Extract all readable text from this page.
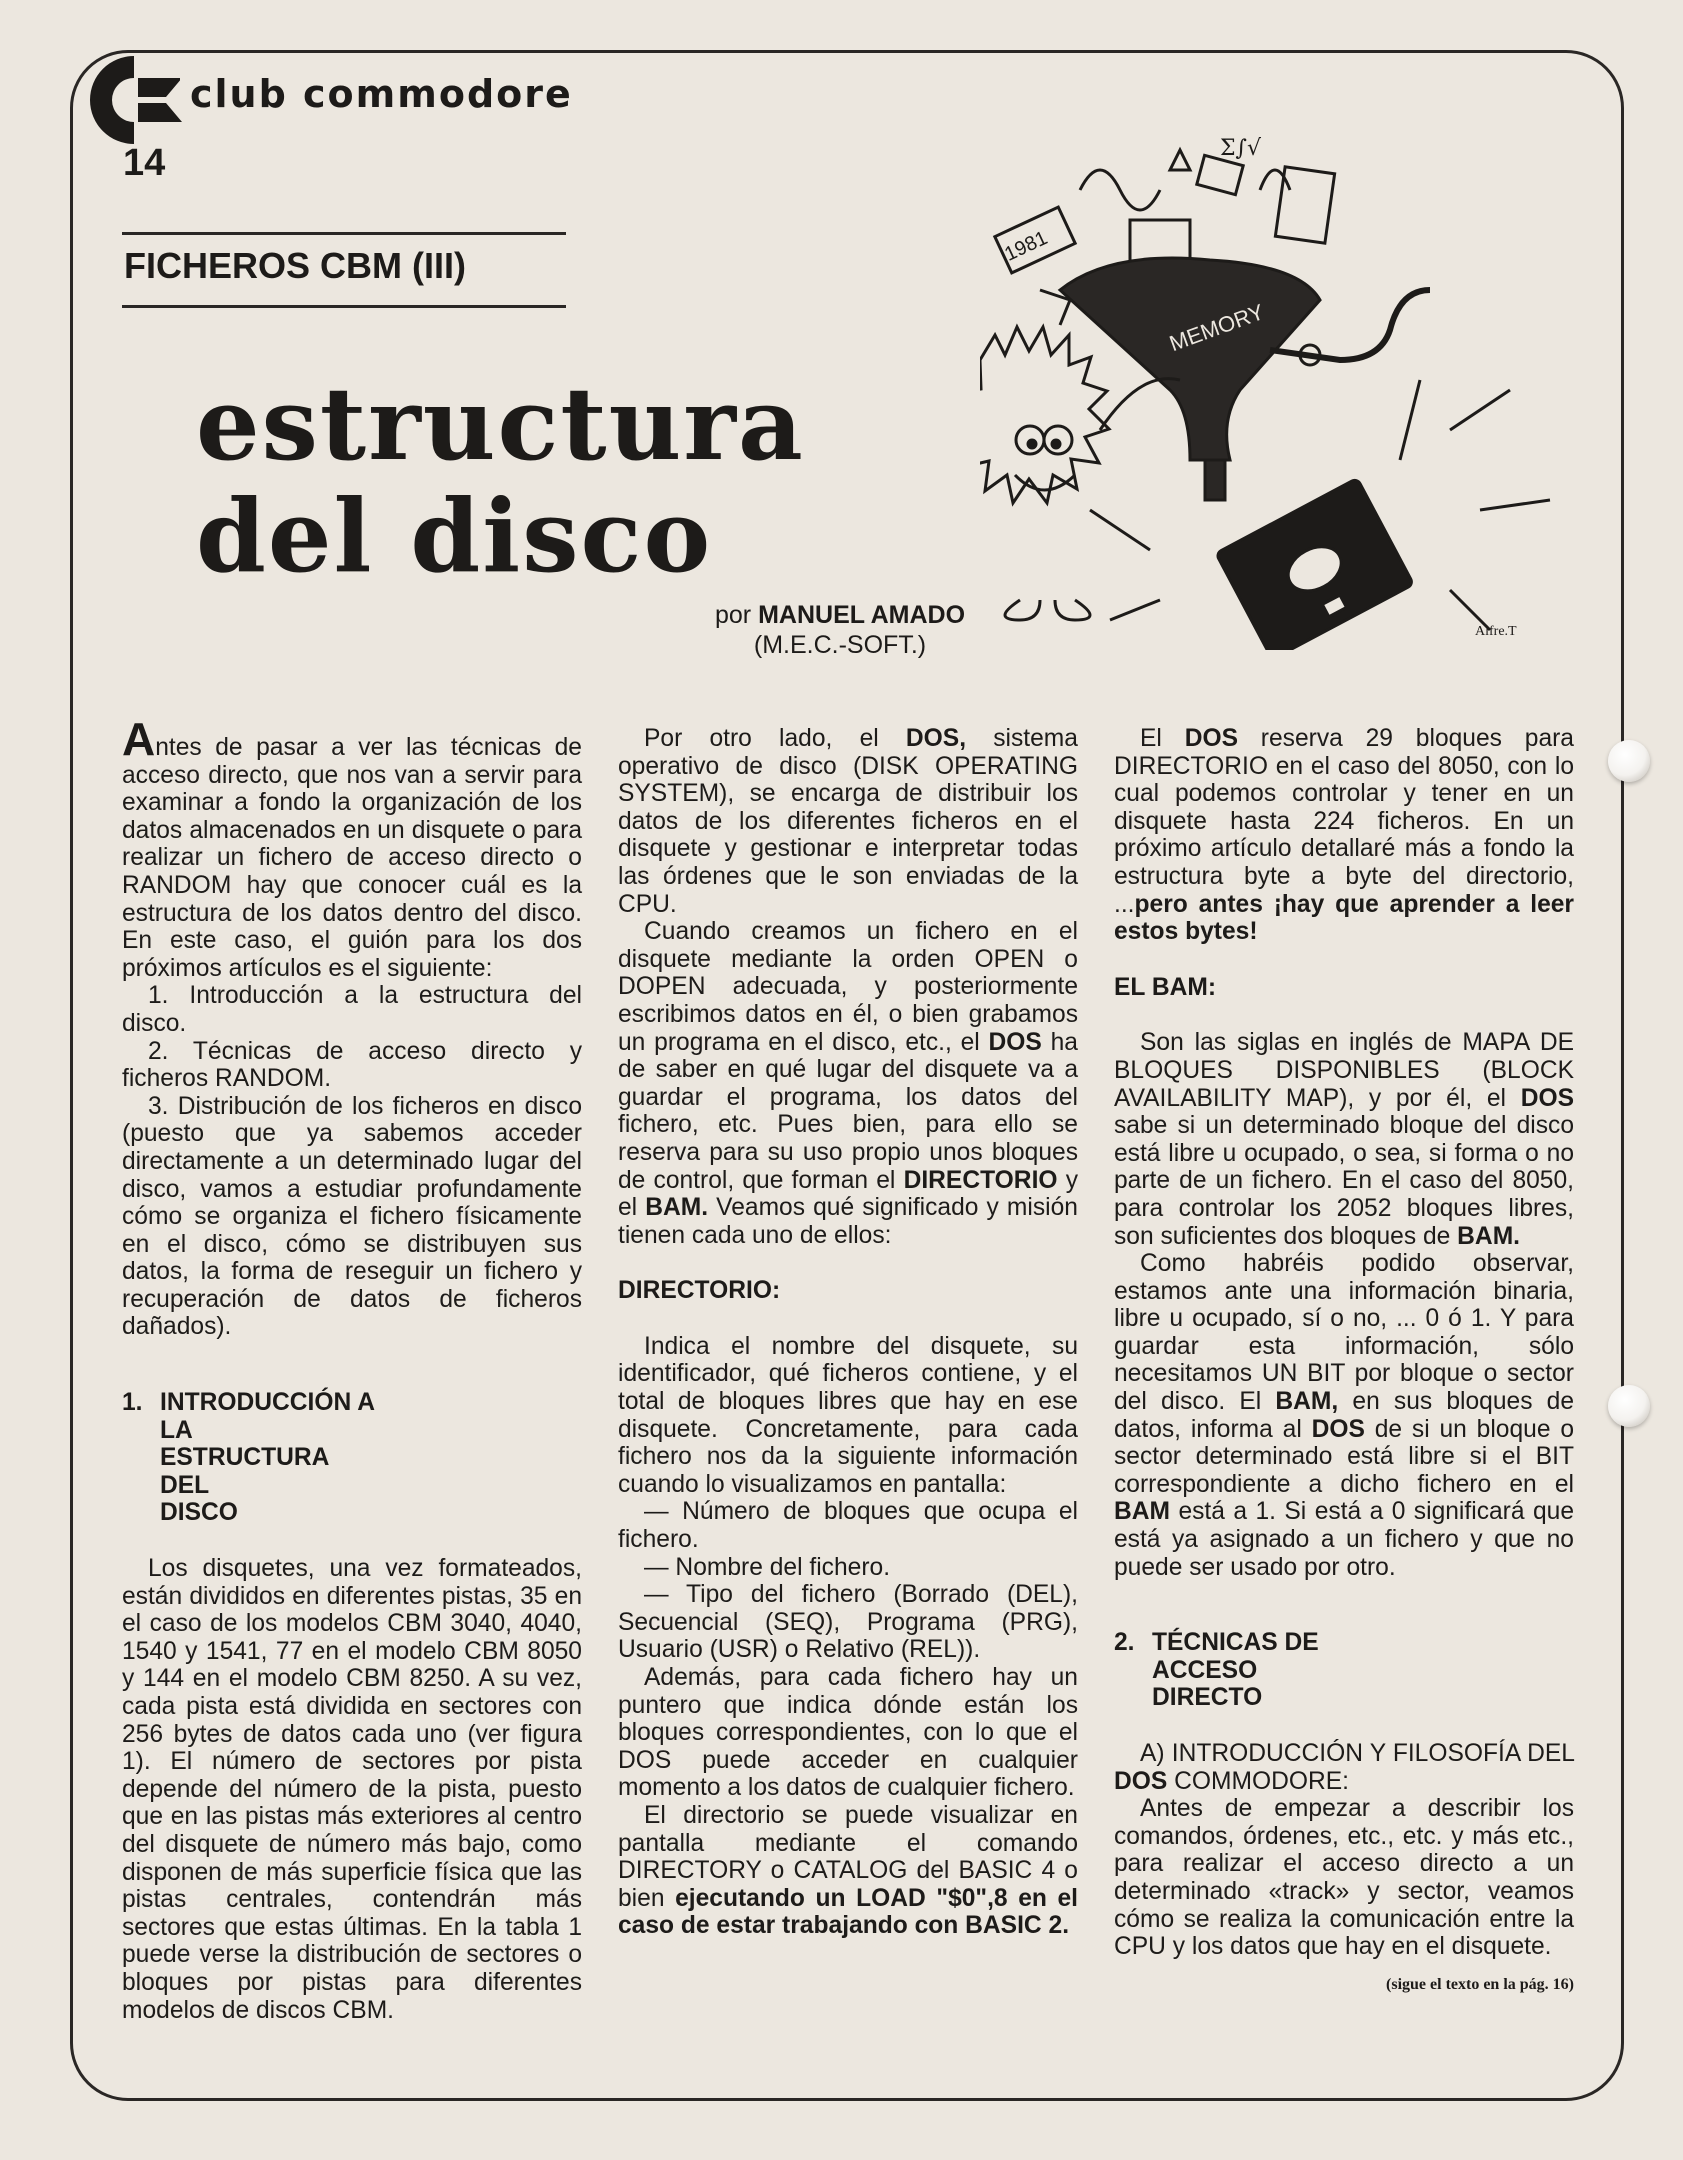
club commodore
14
FICHEROS CBM (III)
estructura
del disco
por MANUEL AMADO
(M.E.C.-SOFT.)
1981
Σ∫√
MEMORY
Alfre.T

Antes de pasar a ver las técnicas de acceso directo, que nos van a servir para examinar a fondo la organización de los datos almacenados en un disquete o para realizar un fichero de acceso directo o RANDOM hay que conocer cuál es la estructura de los datos dentro del disco. En este caso, el guión para los dos próximos artículos es el siguiente:

1. Introducción a la estructura del disco.

2. Técnicas de acceso directo y ficheros RANDOM.

3. Distribución de los ficheros en disco (puesto que ya sabemos acceder directamente a un determinado lugar del disco, vamos a estudiar profundamente cómo se organiza el fichero físicamente en el disco, cómo se distribuyen sus datos, la forma de reseguir un fichero y recuperación de datos de ficheros dañados).

1. INTRODUCCIÓN A
LA ESTRUCTURA DEL DISCO

Los disquetes, una vez formateados, están divididos en diferentes pistas, 35 en el caso de los modelos CBM 3040, 4040, 1540 y 1541, 77 en el modelo CBM 8050 y 144 en el modelo CBM 8250. A su vez, cada pista está dividida en sectores con 256 bytes de datos cada uno (ver figura 1). El número de sectores por pista depende del número de la pista, puesto que en las pistas más exteriores al centro del disquete de número más bajo, como disponen de más superficie física que las pistas centrales, contendrán más sectores que estas últimas. En la tabla 1 puede verse la distribución de sectores o bloques por pistas para diferentes modelos de discos CBM.

Por otro lado, el DOS, sistema operativo de disco (DISK OPERATING SYSTEM), se encarga de distribuir los datos de los diferentes ficheros en el disquete y gestionar e interpretar todas las órdenes que le son enviadas de la CPU.

Cuando creamos un fichero en el disquete mediante la orden OPEN o DOPEN adecuada, y posteriormente escribimos datos en él, o bien grabamos un programa en el disco, etc., el DOS ha de saber en qué lugar del disquete va a guardar el programa, los datos del fichero, etc. Pues bien, para ello se reserva para su uso propio unos bloques de control, que forman el DIRECTORIO y el BAM. Veamos qué significado y misión tienen cada uno de ellos:

DIRECTORIO:

Indica el nombre del disquete, su identificador, qué ficheros contiene, y el total de bloques libres que hay en ese disquete. Concretamente, para cada fichero nos da la siguiente información cuando lo visualizamos en pantalla:

— Número de bloques que ocupa el fichero.

— Nombre del fichero.

— Tipo del fichero (Borrado (DEL), Secuencial (SEQ), Programa (PRG), Usuario (USR) o Relativo (REL)).

Además, para cada fichero hay un puntero que indica dónde están los bloques correspondientes, con lo que el DOS puede acceder en cualquier momento a los datos de cualquier fichero.

El directorio se puede visualizar en pantalla mediante el comando DIRECTORY o CATALOG del BASIC 4 o bien ejecutando un LOAD "$0",8 en el caso de estar trabajando con BASIC 2.

El DOS reserva 29 bloques para DIRECTORIO en el caso del 8050, con lo cual podemos controlar y tener en un disquete hasta 224 ficheros. En un próximo artículo detallaré más a fondo la estructura byte a byte del directorio, ...pero antes ¡hay que aprender a leer estos bytes!

EL BAM:

Son las siglas en inglés de MAPA DE BLOQUES DISPONIBLES (BLOCK AVAILABILITY MAP), y por él, el DOS sabe si un determinado bloque del disco está libre u ocupado, o sea, si forma o no parte de un fichero. En el caso del 8050, para controlar los 2052 bloques libres, son suficientes dos bloques de BAM.

Como habréis podido observar, estamos ante una información binaria, libre u ocupado, sí o no, ... 0 ó 1. Y para guardar esta información, sólo necesitamos UN BIT por bloque o sector del disco. El BAM, en sus bloques de datos, informa al DOS de si un bloque o sector determinado está libre si el BIT correspondiente a dicho fichero en el BAM está a 1. Si está a 0 significará que está ya asignado a un fichero y que no puede ser usado por otro.

2. TÉCNICAS DE
ACCESO DIRECTO

A) INTRODUCCIÓN Y FILOSOFÍA DEL DOS COMMODORE:

Antes de empezar a describir los comandos, órdenes, etc., etc. y más etc., para realizar el acceso directo a un determinado «track» y sector, veamos cómo se realiza la comunicación entre la CPU y los datos que hay en el disquete.

(sigue el texto en la pág. 16)
